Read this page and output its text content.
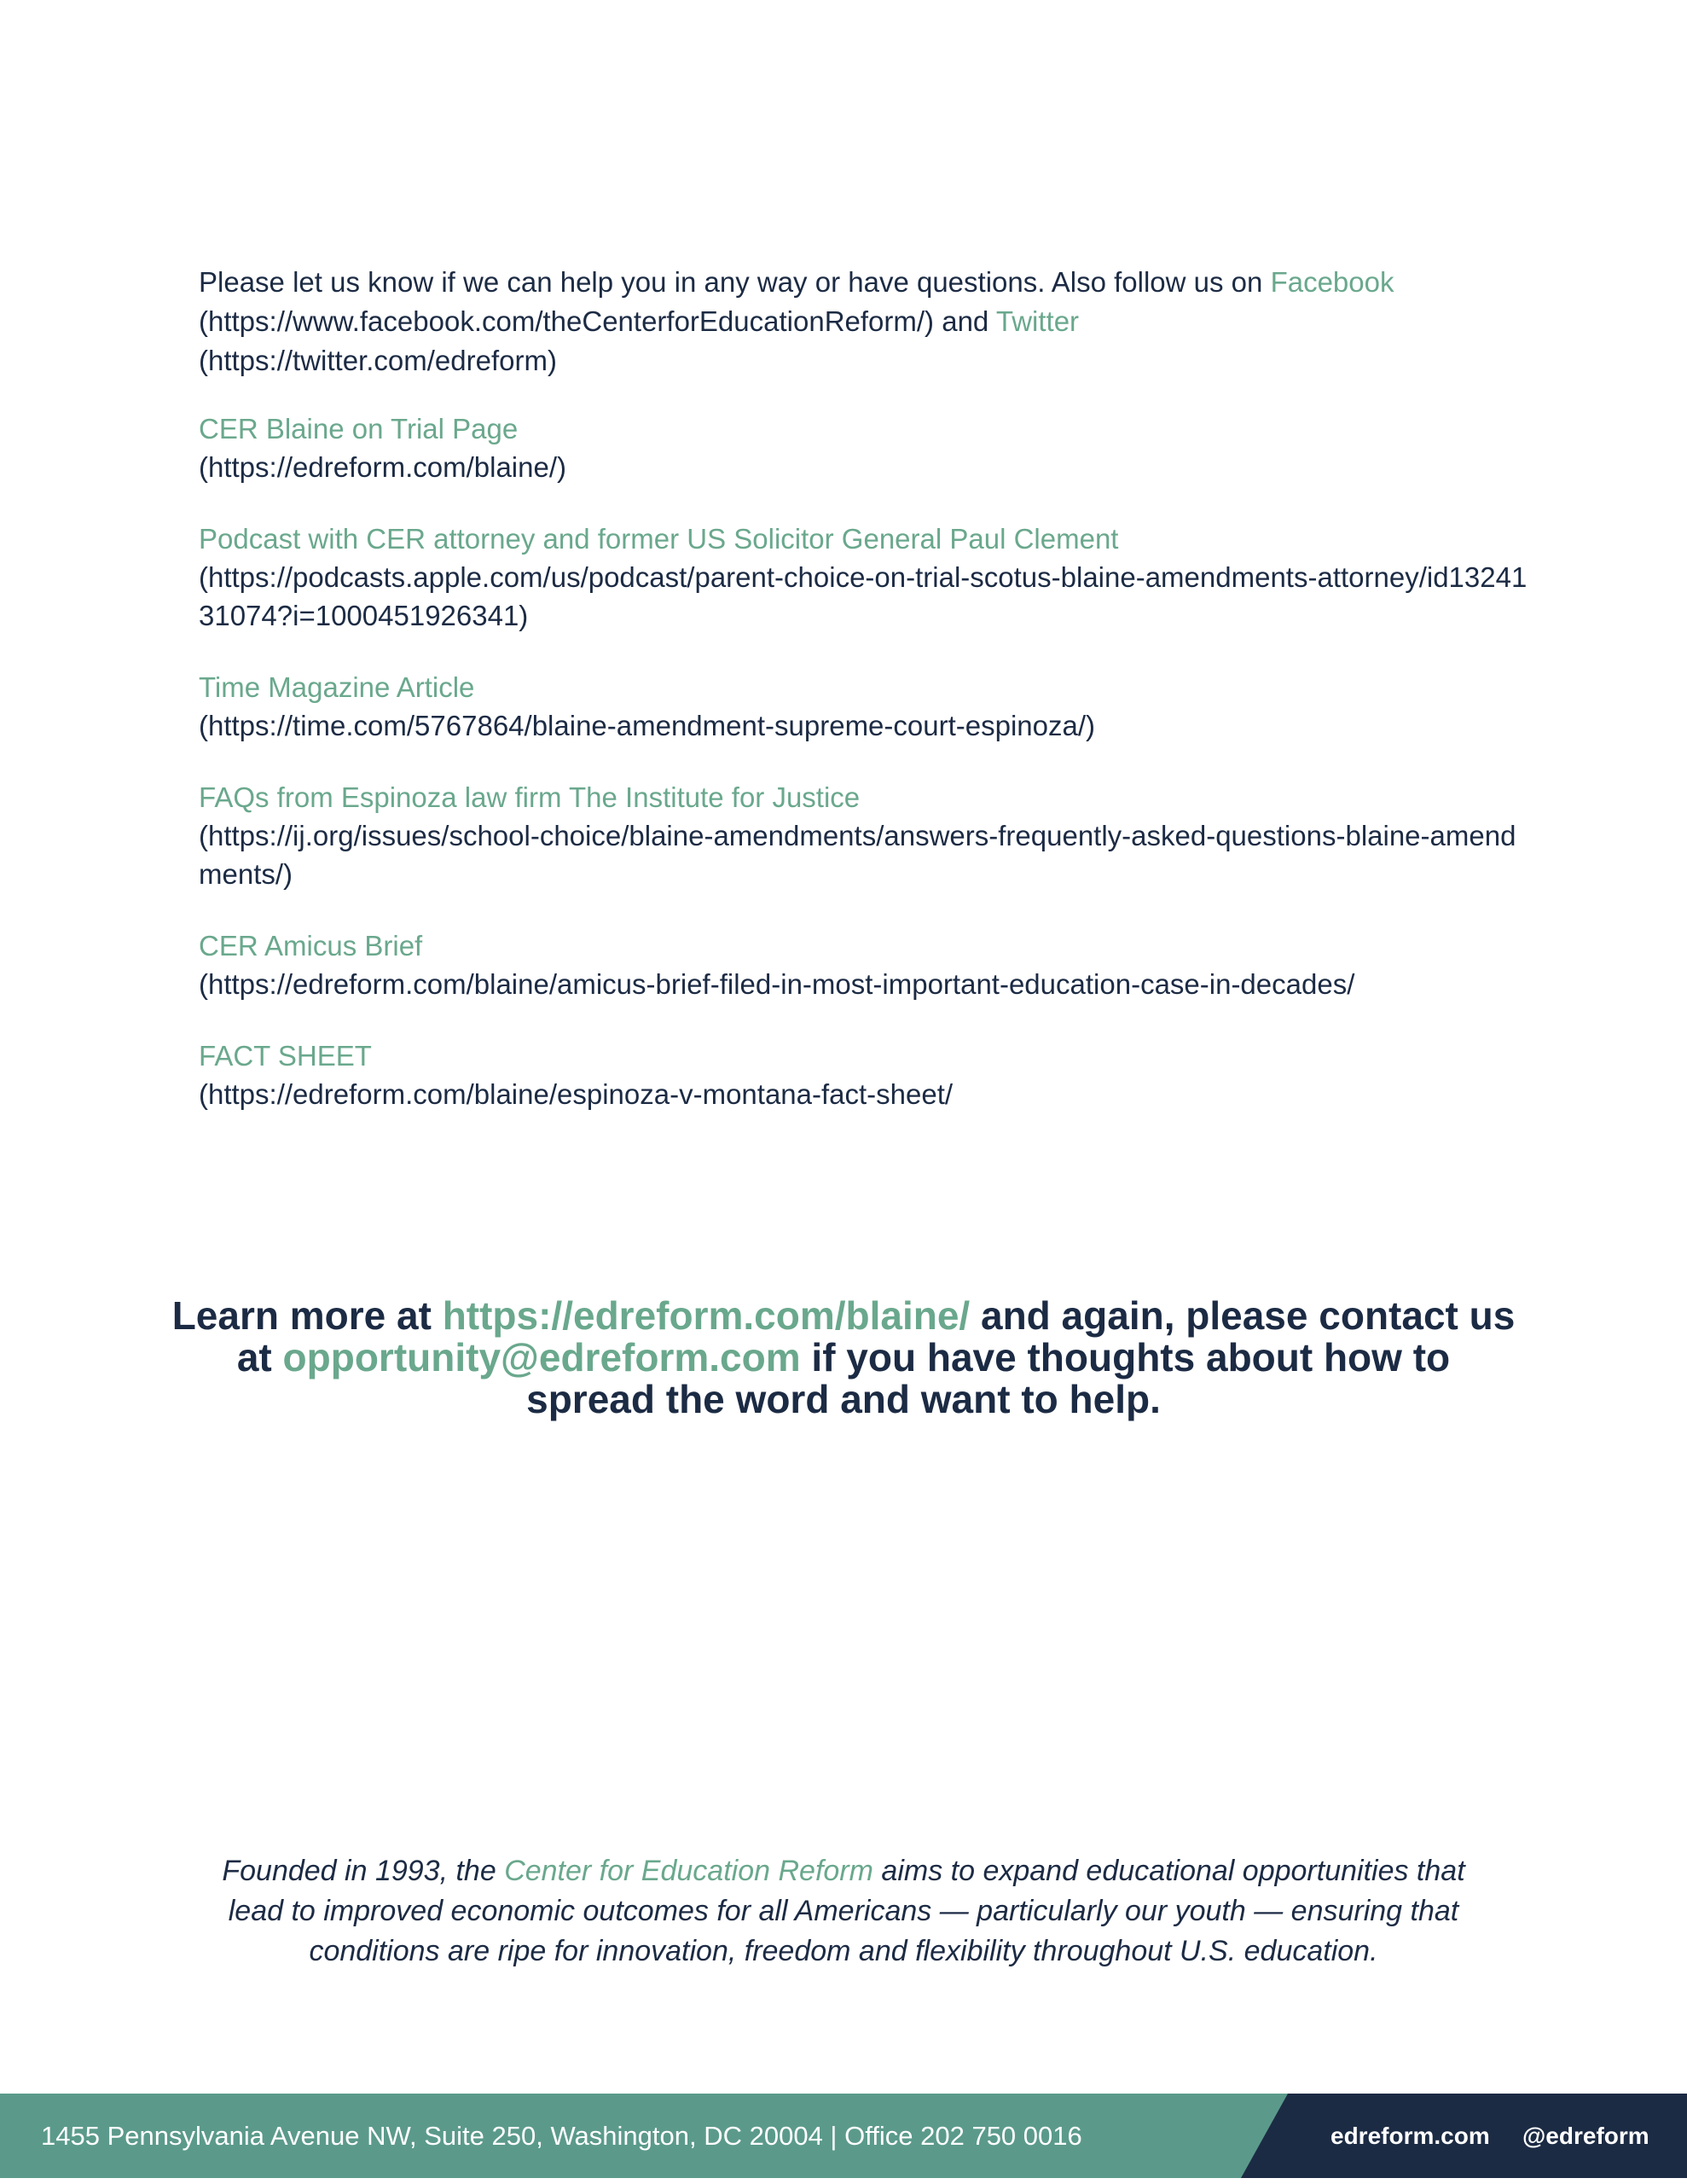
Please let us know if we can help you in any way or have questions. Also follow us on Facebook (https://www.facebook.com/theCenterforEducationReform/) and Twitter
(https://twitter.com/edreform)

CER Blaine on Trial Page
(https://edreform.com/blaine/)
Podcast with CER attorney and former US Solicitor General Paul Clement
(https://podcasts.apple.com/us/podcast/parent-choice-on-trial-scotus-blaine-amendments-attorney/id1324131074?i=1000451926341)
Time Magazine Article
(https://time.com/5767864/blaine-amendment-supreme-court-espinoza/)
FAQs from Espinoza law firm The Institute for Justice
(https://ij.org/issues/school-choice/blaine-amendments/answers-frequently-asked-questions-blaine-amendments/)
CER Amicus Brief
(https://edreform.com/blaine/amicus-brief-filed-in-most-important-education-case-in-decades/
FACT SHEET
(https://edreform.com/blaine/espinoza-v-montana-fact-sheet/

Learn more at https://edreform.com/blaine/ and again, please contact us at opportunity@edreform.com if you have thoughts about how to spread the word and want to help.

Founded in 1993, the Center for Education Reform aims to expand educational opportunities that lead to improved economic outcomes for all Americans — particularly our youth — ensuring that conditions are ripe for innovation, freedom and flexibility throughout U.S. education.

1455 Pennsylvania Avenue NW, Suite 250, Washington, DC 20004 | Office 202 750 0016	edreform.com @edreform
